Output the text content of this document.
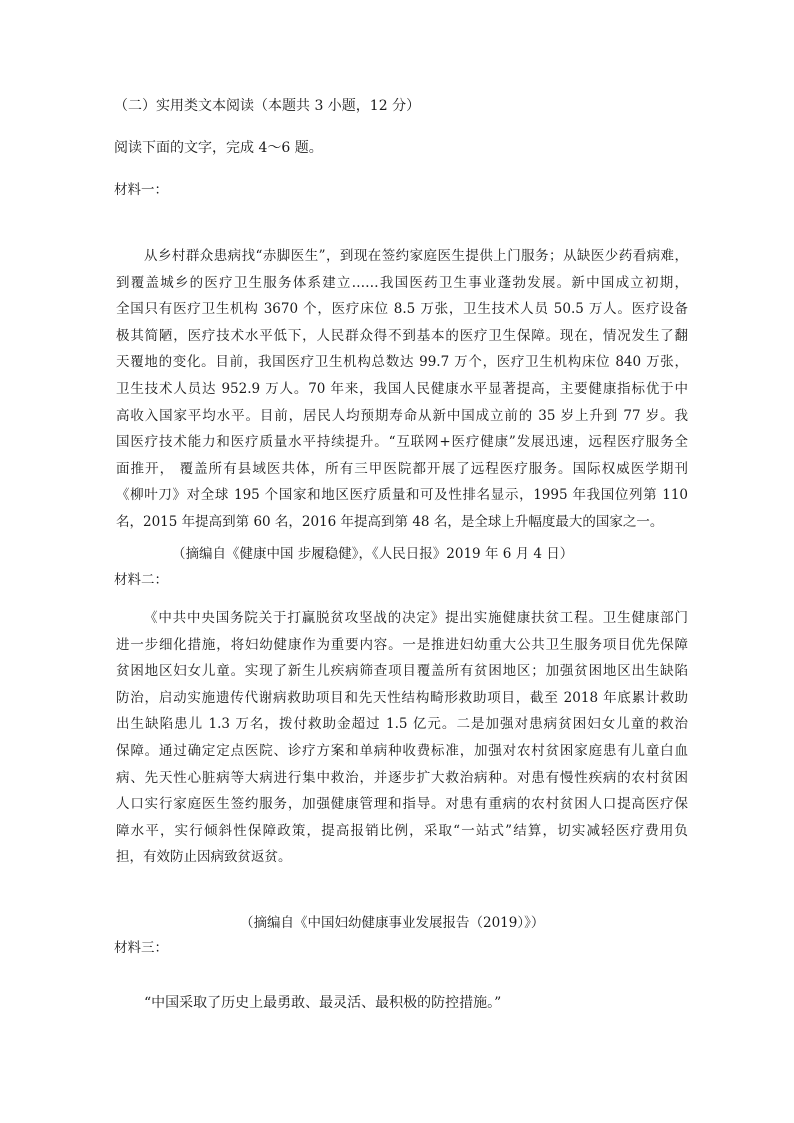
（二）实用类文本阅读（本题共 3 小题，12 分）

阅读下面的文字，完成 4～6 题。

材料一：

从乡村群众患病找“赤脚医生”，到现在签约家庭医生提供上门服务；从缺医少药看病难，
到覆盖城乡的医疗卫生服务体系建立……我国医药卫生事业蓬勃发展。新中国成立初期，
全国只有医疗卫生机构 3670 个，医疗床位 8.5 万张，卫生技术人员 50.5 万人。医疗设备
极其简陋，医疗技术水平低下，人民群众得不到基本的医疗卫生保障。现在，情况发生了翻
天覆地的变化。目前，我国医疗卫生机构总数达 99.7 万个，医疗卫生机构床位 840 万张，
卫生技术人员达 952.9 万人。70 年来，我国人民健康水平显著提高，主要健康指标优于中
高收入国家平均水平。目前，居民人均预期寿命从新中国成立前的 35 岁上升到 77 岁。我
国医疗技术能力和医疗质量水平持续提升。“互联网+医疗健康”发展迅速，远程医疗服务全
面推开， 覆盖所有县域医共体，所有三甲医院都开展了远程医疗服务。国际权威医学期刊
《柳叶刀》对全球 195 个国家和地区医疗质量和可及性排名显示，1995 年我国位列第 110
名，2015 年提高到第 60 名，2016 年提高到第 48 名，是全球上升幅度最大的国家之一。

（摘编自《健康中国 步履稳健》，《人民日报》2019 年 6 月 4 日）

材料二：

《中共中央国务院关于打赢脱贫攻坚战的决定》提出实施健康扶贫工程。卫生健康部门
进一步细化措施，将妇幼健康作为重要内容。一是推进妇幼重大公共卫生服务项目优先保障
贫困地区妇女儿童。实现了新生儿疾病筛查项目覆盖所有贫困地区；加强贫困地区出生缺陷
防治，启动实施遗传代谢病救助项目和先天性结构畸形救助项目，截至 2018 年底累计救助
出生缺陷患儿 1.3 万名，拨付救助金超过 1.5 亿元。二是加强对患病贫困妇女儿童的救治
保障。通过确定定点医院、诊疗方案和单病种收费标准，加强对农村贫困家庭患有儿童白血
病、先天性心脏病等大病进行集中救治，并逐步扩大救治病种。对患有慢性疾病的农村贫困
人口实行家庭医生签约服务，加强健康管理和指导。对患有重病的农村贫困人口提高医疗保
障水平，实行倾斜性保障政策，提高报销比例，采取“一站式”结算，切实减轻医疗费用负
担，有效防止因病致贫返贫。

（摘编自《中国妇幼健康事业发展报告（2019）》）

材料三：

“中国采取了历史上最勇敢、最灵活、最积极的防控措施。”
